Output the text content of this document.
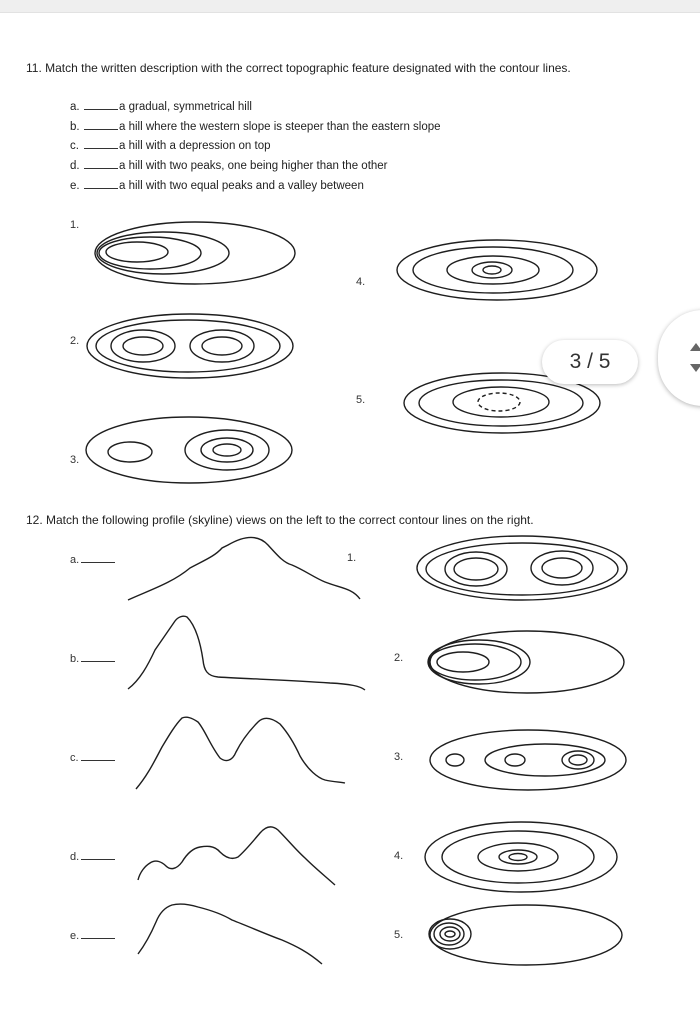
11. Match the written description with the correct topographic feature designated with the contour lines.
a.	a gradual, symmetrical hill
b.	a hill where the western slope is steeper than the eastern slope
c.	a hill with a depression on top
d.	a hill with two peaks, one being higher than the other
e.	a hill with two equal peaks and a valley between
1.
2.
3.
4.
5.
12. Match the following profile (skyline) views on the left to the correct contour lines on the right.
a.
b.
c.
d.
e.
1.
2.
3.
4.
5.
3 / 5
